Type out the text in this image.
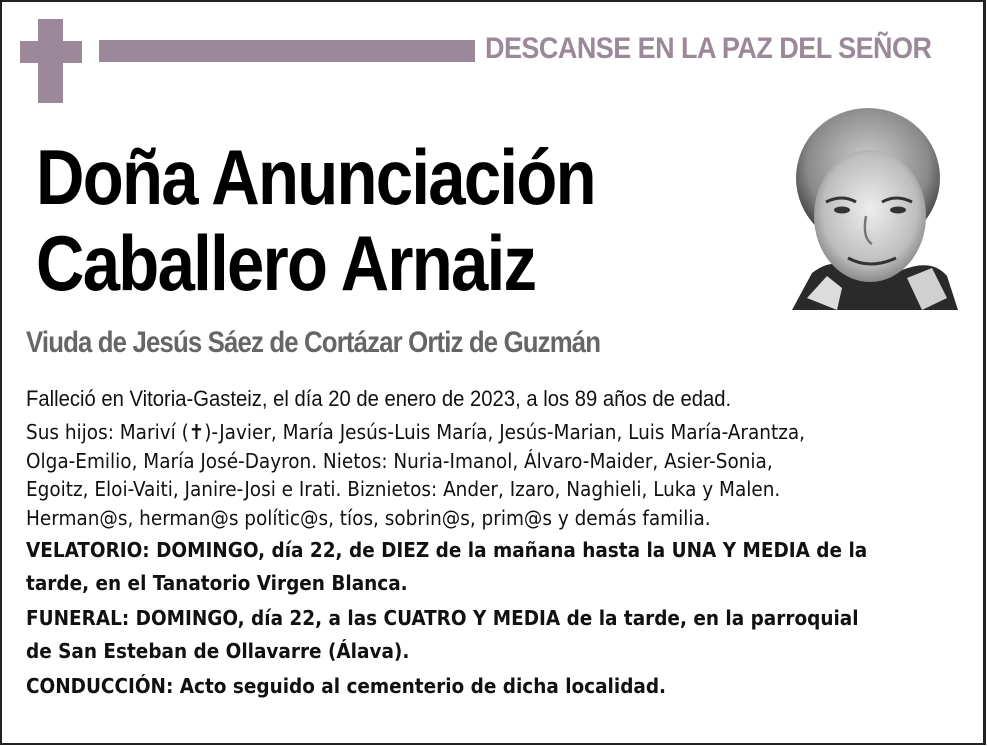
DESCANSE EN LA PAZ DEL SEÑOR
Doña Anunciación
Caballero Arnaiz
Viuda de Jesús Sáez de Cortázar Ortiz de Guzmán

Falleció en Vitoria-Gasteiz, el día 20 de enero de 2023, a los 89 años de edad.

Sus hijos: Mariví (✝)-Javier, María Jesús-Luis María, Jesús-Marian, Luis María-Arantza,
Olga-Emilio, María José-Dayron. Nietos: Nuria-Imanol, Álvaro-Maider, Asier-Sonia,
Egoitz, Eloi-Vaiti, Janire-Josi e Irati. Biznietos: Ander, Izaro, Naghieli, Luka y Malen.
Herman@s, herman@s polític@s, tíos, sobrin@s, prim@s y demás familia.

VELATORIO: DOMINGO, día 22, de DIEZ de la mañana hasta la UNA Y MEDIA de la
tarde, en el Tanatorio Virgen Blanca.

FUNERAL: DOMINGO, día 22, a las CUATRO Y MEDIA de la tarde, en la parroquial
de San Esteban de Ollavarre (Álava).

CONDUCCIÓN: Acto seguido al cementerio de dicha localidad.
